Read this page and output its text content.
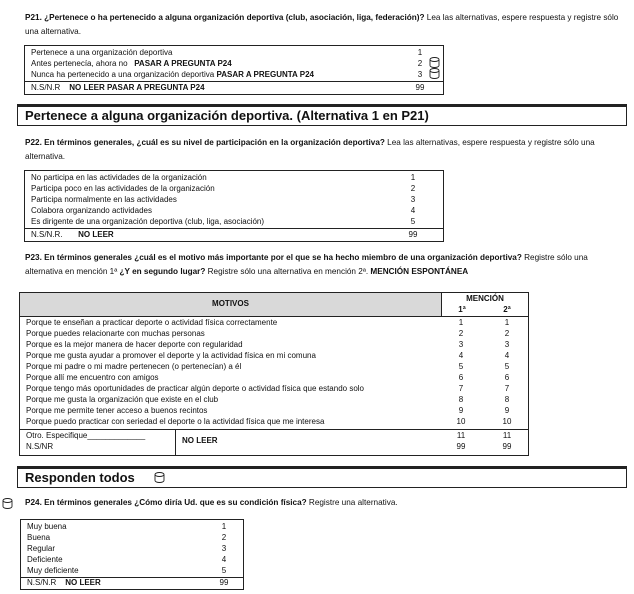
P21. ¿Pertenece o ha pertenecido a alguna organización deportiva (club, asociación, liga, federación)? Lea las alternativas, espere respuesta y registre sólo una alternativa.
Pertenece a una organización deportiva	1
Antes pertenecía, ahora no PASAR A PREGUNTA P24	2
Nunca ha pertenecido a una organización deportiva PASAR A PREGUNTA P24	3
N.S/N.R NO LEER PASAR A PREGUNTA P24	99
Pertenece a alguna organización deportiva. (Alternativa 1 en P21)
P22. En términos generales, ¿cuál es su nivel de participación en la organización deportiva? Lea las alternativas, espere respuesta y registre sólo una alternativa.
No participa en las actividades de la organización	1
Participa poco en las actividades de la organización	2
Participa normalmente en las actividades	3
Colabora organizando actividades	4
Es dirigente de una organización deportiva (club, liga, asociación)	5
N.S/N.R. NO LEER	99
P23. En términos generales ¿cuál es el motivo más importante por el que se ha hecho miembro de una organización deportiva? Registre sólo una alternativa en mención 1ª ¿Y en segundo lugar? Registre sólo una alternativa en mención 2ª. MENCIÓN ESPONTÁNEA
MOTIVOS
MENCIÓN
1ª	2ª
Porque te enseñan a practicar deporte o actividad física correctamente	1	1
Porque puedes relacionarte con muchas personas	2	2
Porque es la mejor manera de hacer deporte con regularidad	3	3
Porque me gusta ayudar a promover el deporte y la actividad física en mi comuna	4	4
Porque mi padre o mi madre pertenecen (o pertenecían) a él	5	5
Porque allí me encuentro con amigos	6	6
Porque tengo más oportunidades de practicar algún deporte o actividad física que estando solo	7	7
Porque me gusta la organización que existe en el club	8	8
Porque me permite tener acceso a buenos recintos	9	9
Porque puedo practicar con seriedad el deporte o la actividad física que me interesa	10	10
Otro. Especifique_____________	11	11
N.S/NR	99	99
NO LEER
Responden todos
P24. En términos generales ¿Cómo diría Ud. que es su condición física? Registre una alternativa.
Muy buena	1
Buena	2
Regular	3
Deficiente	4
Muy deficiente	5
N.S/N.R NO LEER	99
